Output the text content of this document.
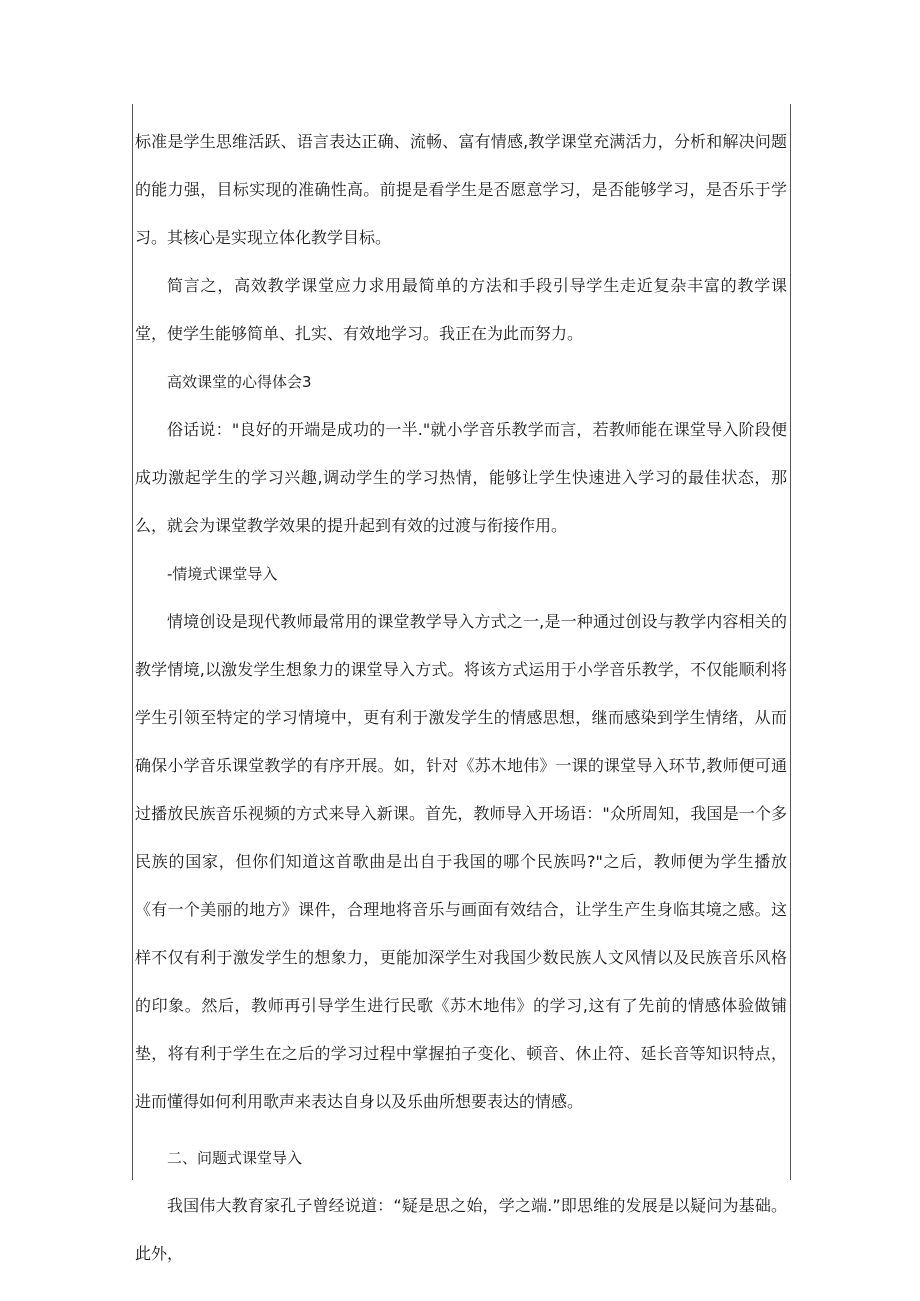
标准是学生思维活跃、语言表达正确、流畅、富有情感,教学课堂充满活力，分析和解决问题的能力强，目标实现的准确性高。前提是看学生是否愿意学习，是否能够学习，是否乐于学习。其核心是实现立体化教学目标。

简言之，高效教学课堂应力求用最简单的方法和手段引导学生走近复杂丰富的教学课堂，使学生能够简单、扎实、有效地学习。我正在为此而努力。

高效课堂的心得体会3

俗话说："良好的开端是成功的一半."就小学音乐教学而言，若教师能在课堂导入阶段便成功激起学生的学习兴趣,调动学生的学习热情，能够让学生快速进入学习的最佳状态，那么，就会为课堂教学效果的提升起到有效的过渡与衔接作用。

-情境式课堂导入

情境创设是现代教师最常用的课堂教学导入方式之一,是一种通过创设与教学内容相关的教学情境,以激发学生想象力的课堂导入方式。将该方式运用于小学音乐教学，不仅能顺利将学生引领至特定的学习情境中，更有利于激发学生的情感思想，继而感染到学生情绪，从而确保小学音乐课堂教学的有序开展。如，针对《苏木地伟》一课的课堂导入环节,教师便可通过播放民族音乐视频的方式来导入新课。首先，教师导入开场语："众所周知，我国是一个多民族的国家，但你们知道这首歌曲是出自于我国的哪个民族吗?"之后，教师便为学生播放《有一个美丽的地方》课件，合理地将音乐与画面有效结合，让学生产生身临其境之感。这样不仅有利于激发学生的想象力，更能加深学生对我国少数民族人文风情以及民族音乐风格的印象。然后，教师再引导学生进行民歌《苏木地伟》的学习,这有了先前的情感体验做铺垫，将有利于学生在之后的学习过程中掌握拍子变化、顿音、休止符、延长音等知识特点，进而懂得如何利用歌声来表达自身以及乐曲所想要表达的情感。

二、问题式课堂导入

我国伟大教育家孔子曾经说道：“疑是思之始，学之端.”即思维的发展是以疑问为基础。此外，
